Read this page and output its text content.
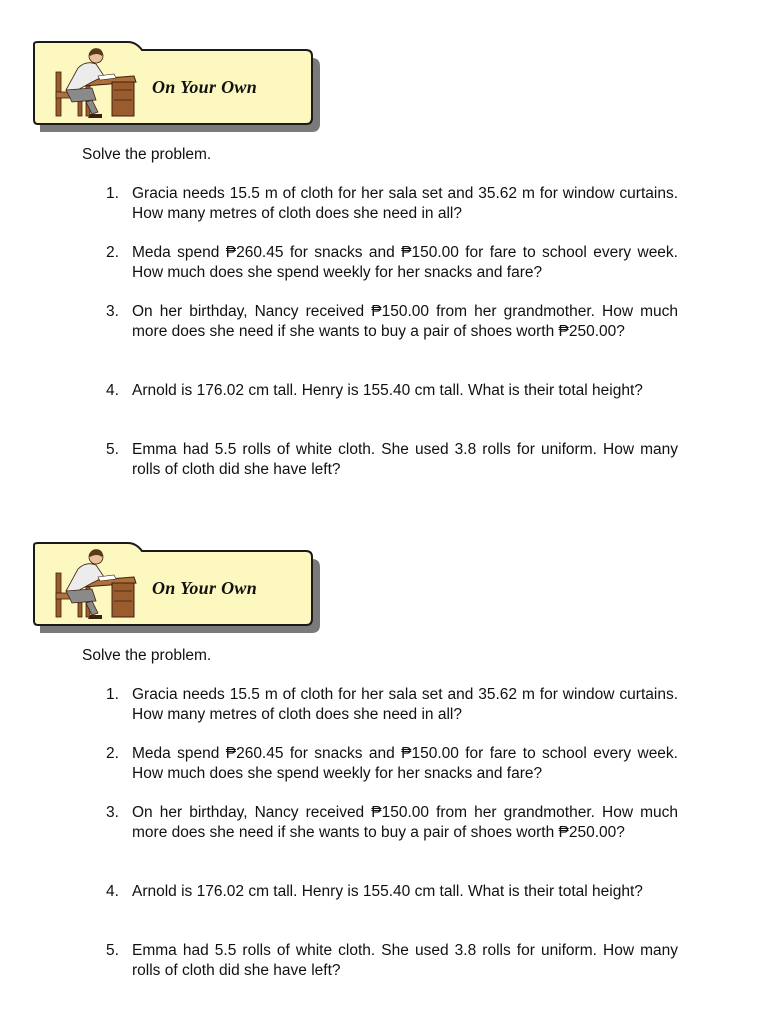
On Your Own
Solve the problem.
1. Gracia needs 15.5 m of cloth for her sala set and 35.62 m for window curtains. How many metres of cloth does she need in all?
2. Meda spend ₱260.45 for snacks and ₱150.00 for fare to school every week. How much does she spend weekly for her snacks and fare?
3. On her birthday, Nancy received ₱150.00 from her grandmother. How much more does she need if she wants to buy a pair of shoes worth ₱250.00?
4. Arnold is 176.02 cm tall. Henry is 155.40 cm tall. What is their total height?
5. Emma had 5.5 rolls of white cloth. She used 3.8 rolls for uniform. How many rolls of cloth did she have left?
On Your Own
Solve the problem.
1. Gracia needs 15.5 m of cloth for her sala set and 35.62 m for window curtains. How many metres of cloth does she need in all?
2. Meda spend ₱260.45 for snacks and ₱150.00 for fare to school every week. How much does she spend weekly for her snacks and fare?
3. On her birthday, Nancy received ₱150.00 from her grandmother. How much more does she need if she wants to buy a pair of shoes worth ₱250.00?
4. Arnold is 176.02 cm tall. Henry is 155.40 cm tall. What is their total height?
5. Emma had 5.5 rolls of white cloth. She used 3.8 rolls for uniform. How many rolls of cloth did she have left?
